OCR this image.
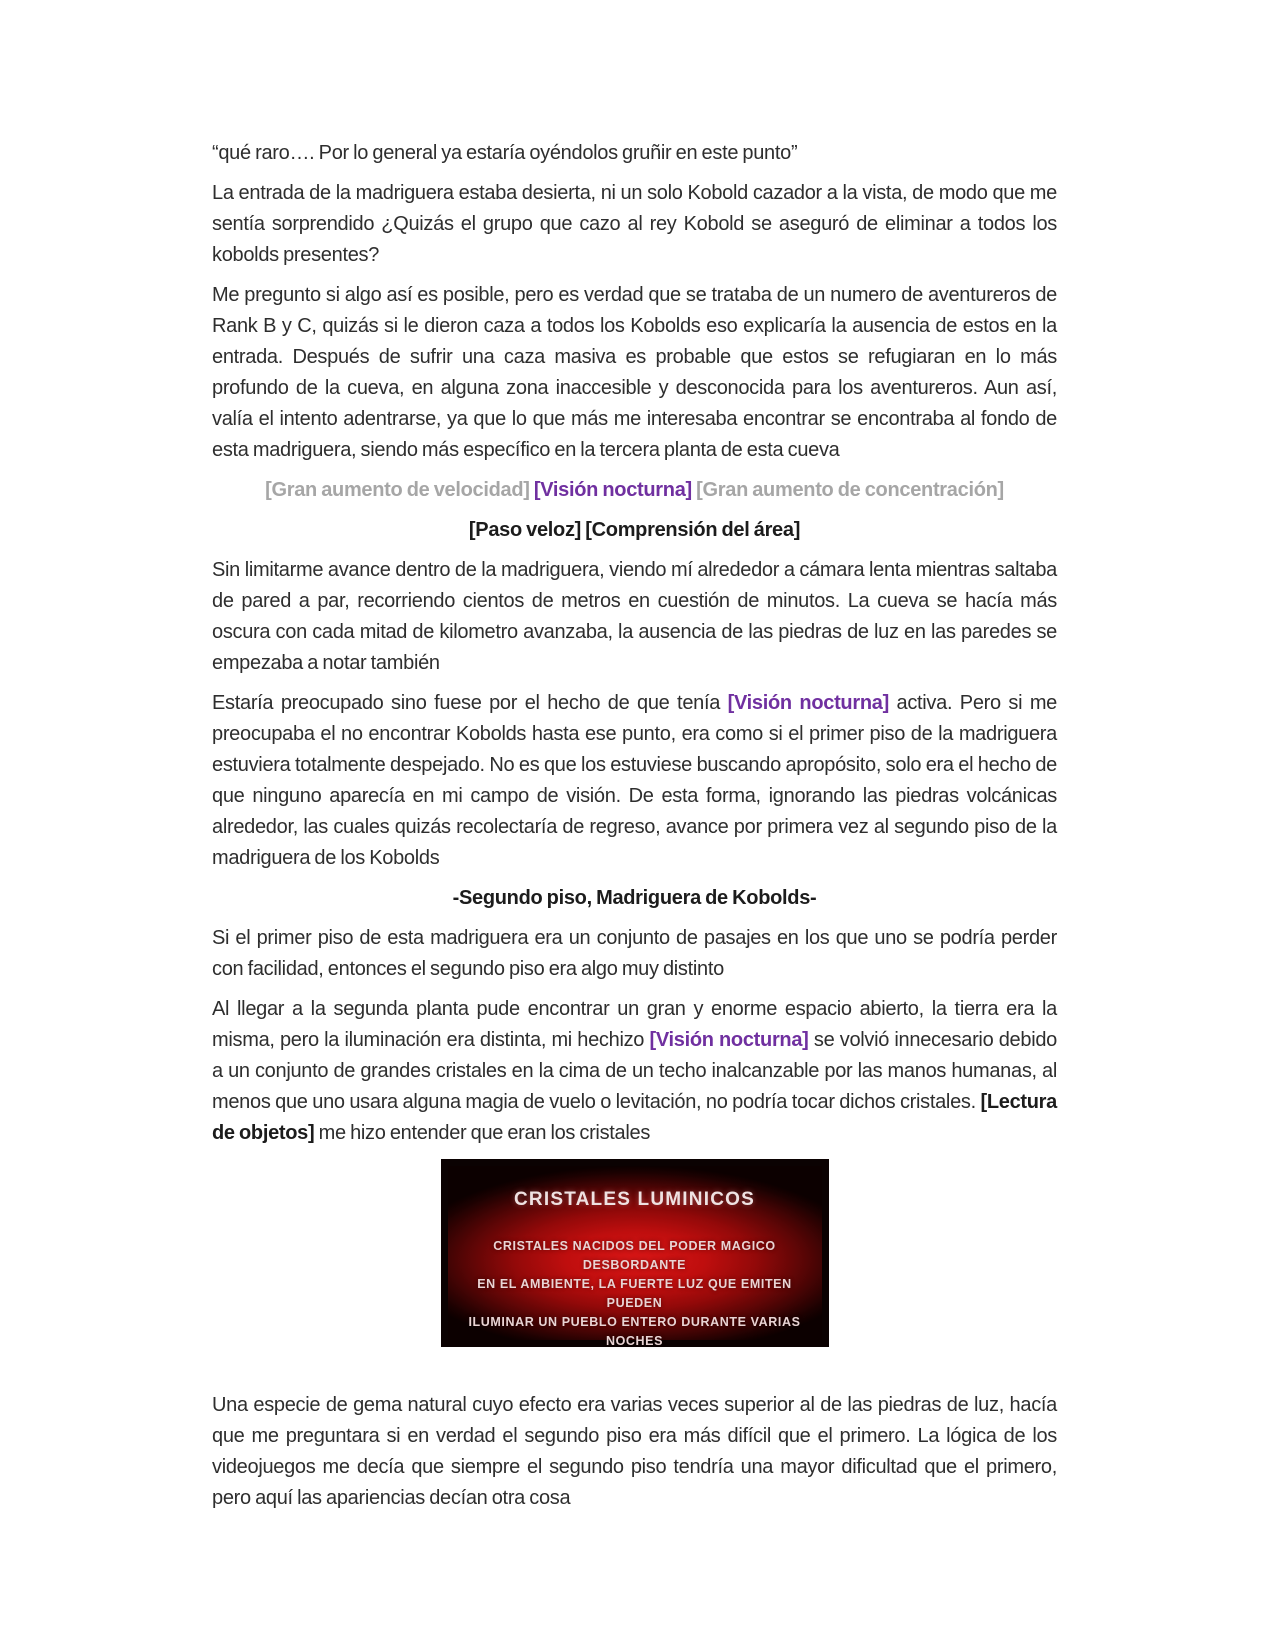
“qué raro…. Por lo general ya estaría oyéndolos gruñir en este punto”

La entrada de la madriguera estaba desierta, ni un solo Kobold cazador a la vista, de modo que me sentía sorprendido ¿Quizás el grupo que cazo al rey Kobold se aseguró de eliminar a todos los kobolds presentes?

Me pregunto si algo así es posible, pero es verdad que se trataba de un numero de aventureros de Rank B y C, quizás si le dieron caza a todos los Kobolds eso explicaría la ausencia de estos en la entrada. Después de sufrir una caza masiva es probable que estos se refugiaran en lo más profundo de la cueva, en alguna zona inaccesible y desconocida para los aventureros. Aun así, valía el intento adentrarse, ya que lo que más me interesaba encontrar se encontraba al fondo de esta madriguera, siendo más específico en la tercera planta de esta cueva

[Gran aumento de velocidad] [Visión nocturna] [Gran aumento de concentración]

[Paso veloz] [Comprensión del área]

Sin limitarme avance dentro de la madriguera, viendo mí alrededor a cámara lenta mientras saltaba de pared a par, recorriendo cientos de metros en cuestión de minutos. La cueva se hacía más oscura con cada mitad de kilometro avanzaba, la ausencia de las piedras de luz en las paredes se empezaba a notar también

Estaría preocupado sino fuese por el hecho de que tenía [Visión nocturna] activa. Pero si me preocupaba el no encontrar Kobolds hasta ese punto, era como si el primer piso de la madriguera estuviera totalmente despejado. No es que los estuviese buscando apropósito, solo era el hecho de que ninguno aparecía en mi campo de visión. De esta forma, ignorando las piedras volcánicas alrededor, las cuales quizás recolectaría de regreso, avance por primera vez al segundo piso de la madriguera de los Kobolds

-Segundo piso, Madriguera de Kobolds-

Si el primer piso de esta madriguera era un conjunto de pasajes en los que uno se podría perder con facilidad, entonces el segundo piso era algo muy distinto

Al llegar a la segunda planta pude encontrar un gran y enorme espacio abierto, la tierra era la misma, pero la iluminación era distinta, mi hechizo [Visión nocturna] se volvió innecesario debido a un conjunto de grandes cristales en la cima de un techo inalcanzable por las manos humanas, al menos que uno usara alguna magia de vuelo o levitación, no podría tocar dichos cristales. [Lectura de objetos] me hizo entender que eran los cristales

CRISTALES LUMINICOS
CRISTALES NACIDOS DEL PODER MAGICO DESBORDANTE
EN EL AMBIENTE, LA FUERTE LUZ QUE EMITEN PUEDEN
ILUMINAR UN PUEBLO ENTERO DURANTE VARIAS NOCHES

Una especie de gema natural cuyo efecto era varias veces superior al de las piedras de luz, hacía que me preguntara si en verdad el segundo piso era más difícil que el primero. La lógica de los videojuegos me decía que siempre el segundo piso tendría una mayor dificultad que el primero, pero aquí las apariencias decían otra cosa
